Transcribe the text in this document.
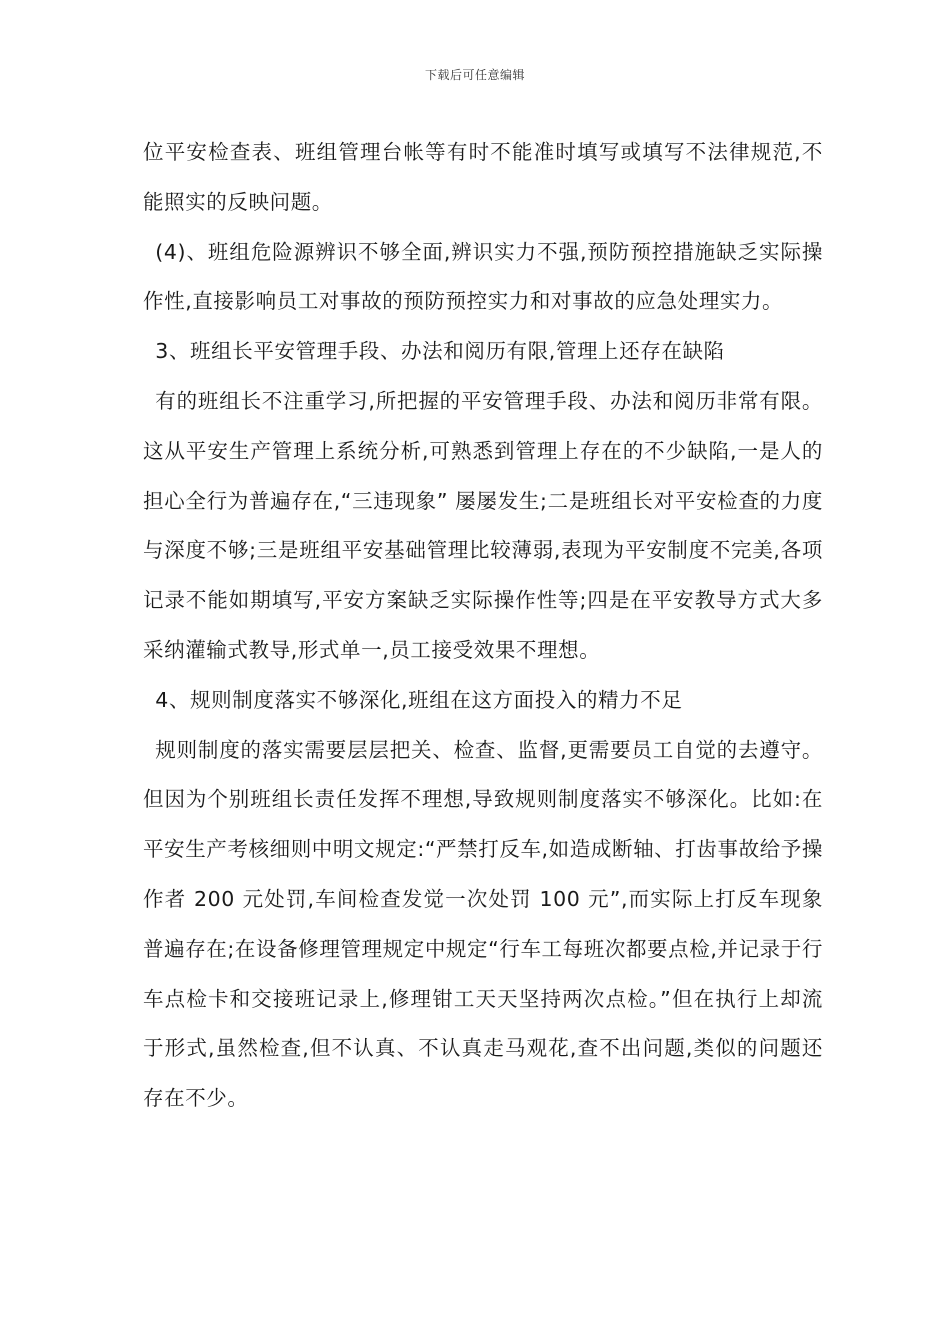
下载后可任意编辑

位平安检查表、班组管理台帐等有时不能准时填写或填写不法律规范,不能照实的反映问题。

(4)、班组危险源辨识不够全面,辨识实力不强,预防预控措施缺乏实际操作性,直接影响员工对事故的预防预控实力和对事故的应急处理实力。

3、班组长平安管理手段、办法和阅历有限,管理上还存在缺陷

有的班组长不注重学习,所把握的平安管理手段、办法和阅历非常有限。这从平安生产管理上系统分析,可熟悉到管理上存在的不少缺陷,一是人的担心全行为普遍存在,“三违现象” 屡屡发生;二是班组长对平安检查的力度与深度不够;三是班组平安基础管理比较薄弱,表现为平安制度不完美,各项记录不能如期填写,平安方案缺乏实际操作性等;四是在平安教导方式大多采纳灌输式教导,形式单一,员工接受效果不理想。

4、规则制度落实不够深化,班组在这方面投入的精力不足

规则制度的落实需要层层把关、检查、监督,更需要员工自觉的去遵守。但因为个别班组长责任发挥不理想,导致规则制度落实不够深化。比如:在平安生产考核细则中明文规定:“严禁打反车,如造成断轴、打齿事故给予操作者 200 元处罚,车间检查发觉一次处罚 100 元”,而实际上打反车现象普遍存在;在设备修理管理规定中规定“行车工每班次都要点检,并记录于行车点检卡和交接班记录上,修理钳工天天坚持两次点检。”但在执行上却流于形式,虽然检查,但不认真、不认真走马观花,查不出问题,类似的问题还存在不少。
